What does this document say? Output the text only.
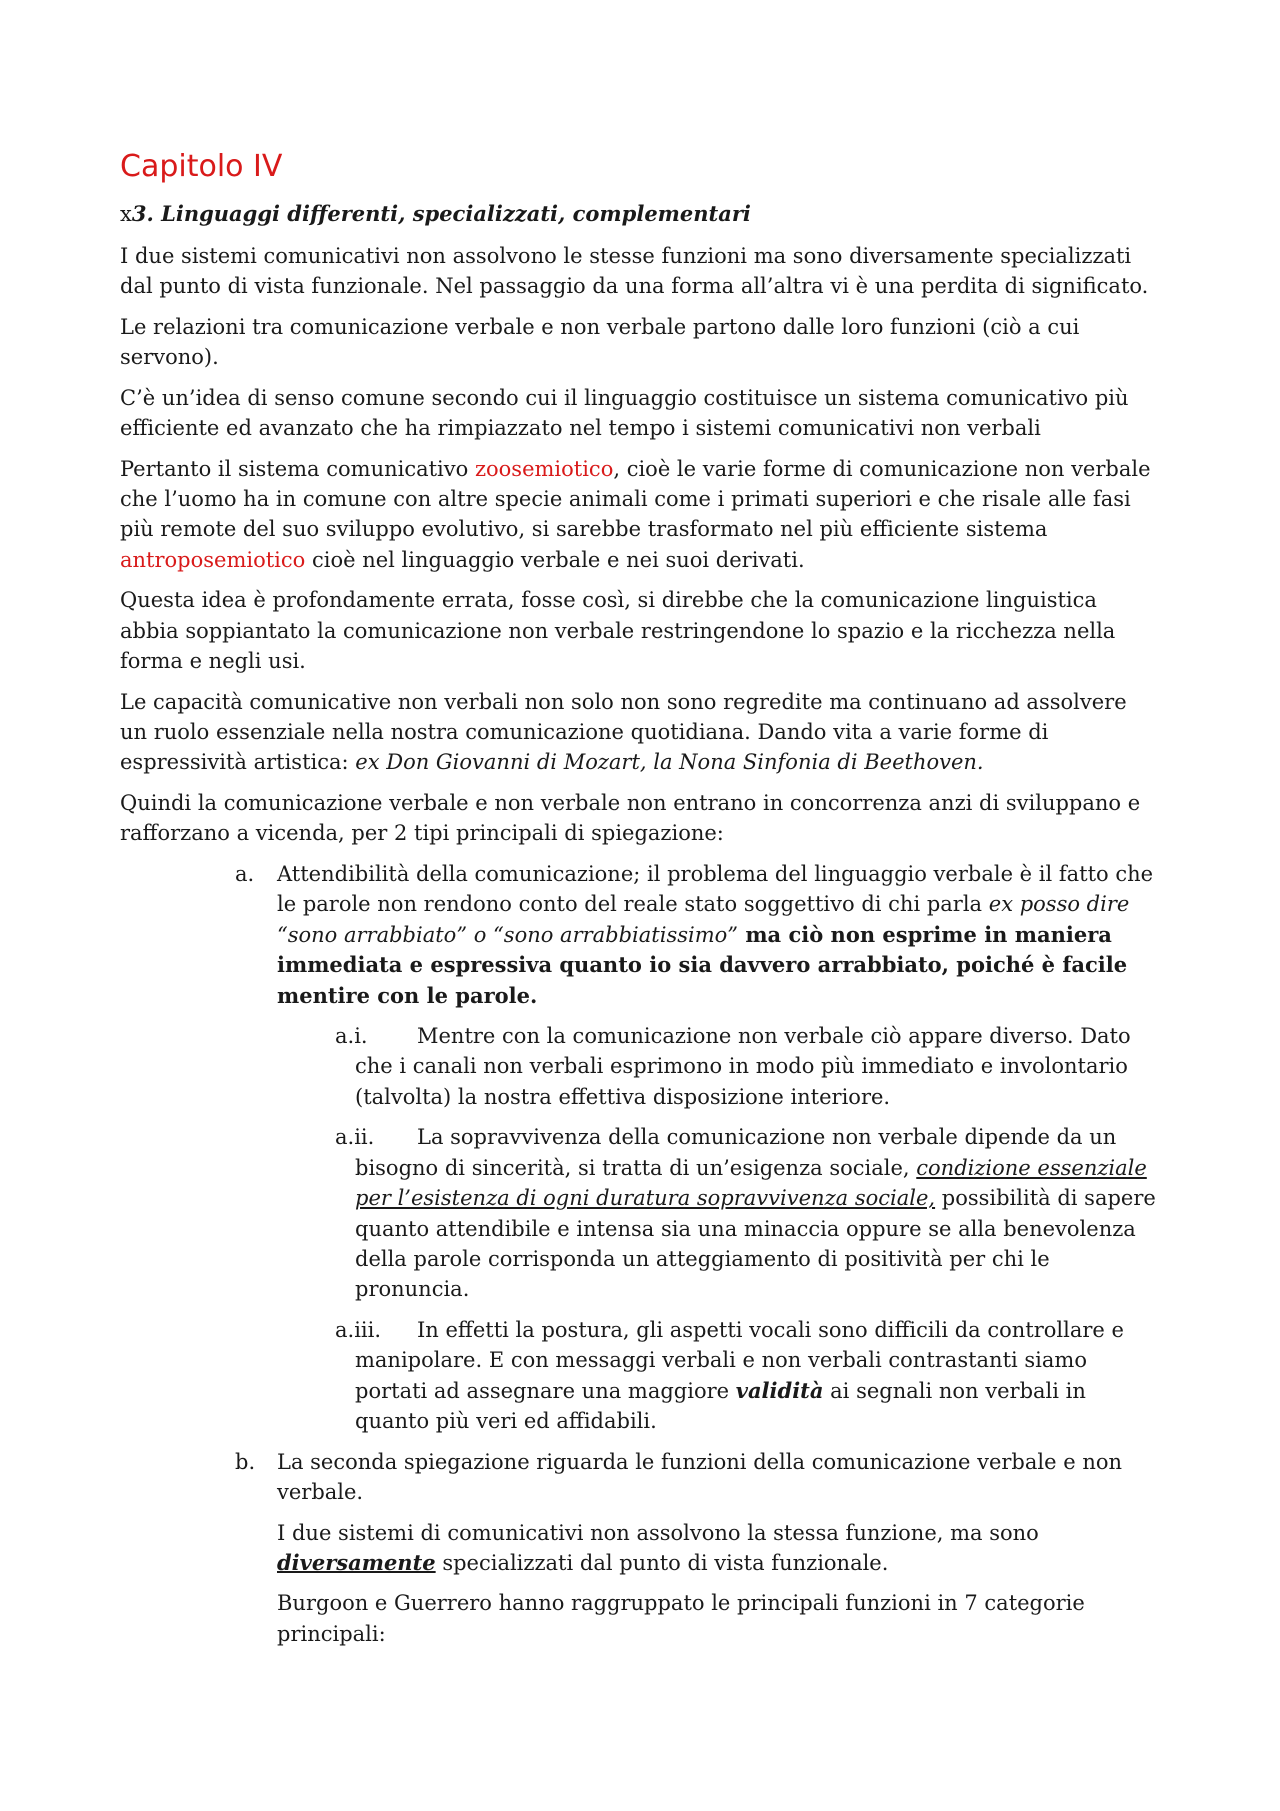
Capitolo IV
x3. Linguaggi differenti, specializzati, complementari

I due sistemi comunicativi non assolvono le stesse funzioni ma sono diversamente specializzati dal punto di vista funzionale. Nel passaggio da una forma all’altra vi è una perdita di significato.

Le relazioni tra comunicazione verbale e non verbale partono dalle loro funzioni (ciò a cui servono).

C’è un’idea di senso comune secondo cui il linguaggio costituisce un sistema comunicativo più efficiente ed avanzato che ha rimpiazzato nel tempo i sistemi comunicativi non verbali

Pertanto il sistema comunicativo zoosemiotico, cioè le varie forme di comunicazione non verbale che l’uomo ha in comune con altre specie animali come i primati superiori e che risale alle fasi più remote del suo sviluppo evolutivo, si sarebbe trasformato nel più efficiente sistema antroposemiotico cioè nel linguaggio verbale e nei suoi derivati.

Questa idea è profondamente errata, fosse così, si direbbe che la comunicazione linguistica abbia soppiantato la comunicazione non verbale restringendone lo spazio e la ricchezza nella forma e negli usi.

Le capacità comunicative non verbali non solo non sono regredite ma continuano ad assolvere un ruolo essenziale nella nostra comunicazione quotidiana. Dando vita a varie forme di espressività artistica: ex Don Giovanni di Mozart, la Nona Sinfonia di Beethoven.

Quindi la comunicazione verbale e non verbale non entrano in concorrenza anzi di sviluppano e rafforzano a vicenda, per 2 tipi principali di spiegazione:

a. Attendibilità della comunicazione; il problema del linguaggio verbale è il fatto che le parole non rendono conto del reale stato soggettivo di chi parla ex posso dire “sono arrabbiato” o “sono arrabbiatissimo” ma ciò non esprime in maniera immediata e espressiva quanto io sia davvero arrabbiato, poiché è facile mentire con le parole.
a.i. Mentre con la comunicazione non verbale ciò appare diverso. Dato che i canali non verbali esprimono in modo più immediato e involontario (talvolta) la nostra effettiva disposizione interiore.
a.ii. La sopravvivenza della comunicazione non verbale dipende da un bisogno di sincerità, si tratta di un’esigenza sociale, condizione essenziale per l’esistenza di ogni duratura sopravvivenza sociale, possibilità di sapere quanto attendibile e intensa sia una minaccia oppure se alla benevolenza della parole corrisponda un atteggiamento di positività per chi le pronuncia.
a.iii. In effetti la postura, gli aspetti vocali sono difficili da controllare e manipolare. E con messaggi verbali e non verbali contrastanti siamo portati ad assegnare una maggiore validità ai segnali non verbali in quanto più veri ed affidabili.
b. La seconda spiegazione riguarda le funzioni della comunicazione verbale e non verbale.

I due sistemi di comunicativi non assolvono la stessa funzione, ma sono diversamente specializzati dal punto di vista funzionale.

Burgoon e Guerrero hanno raggruppato le principali funzioni in 7 categorie principali:
